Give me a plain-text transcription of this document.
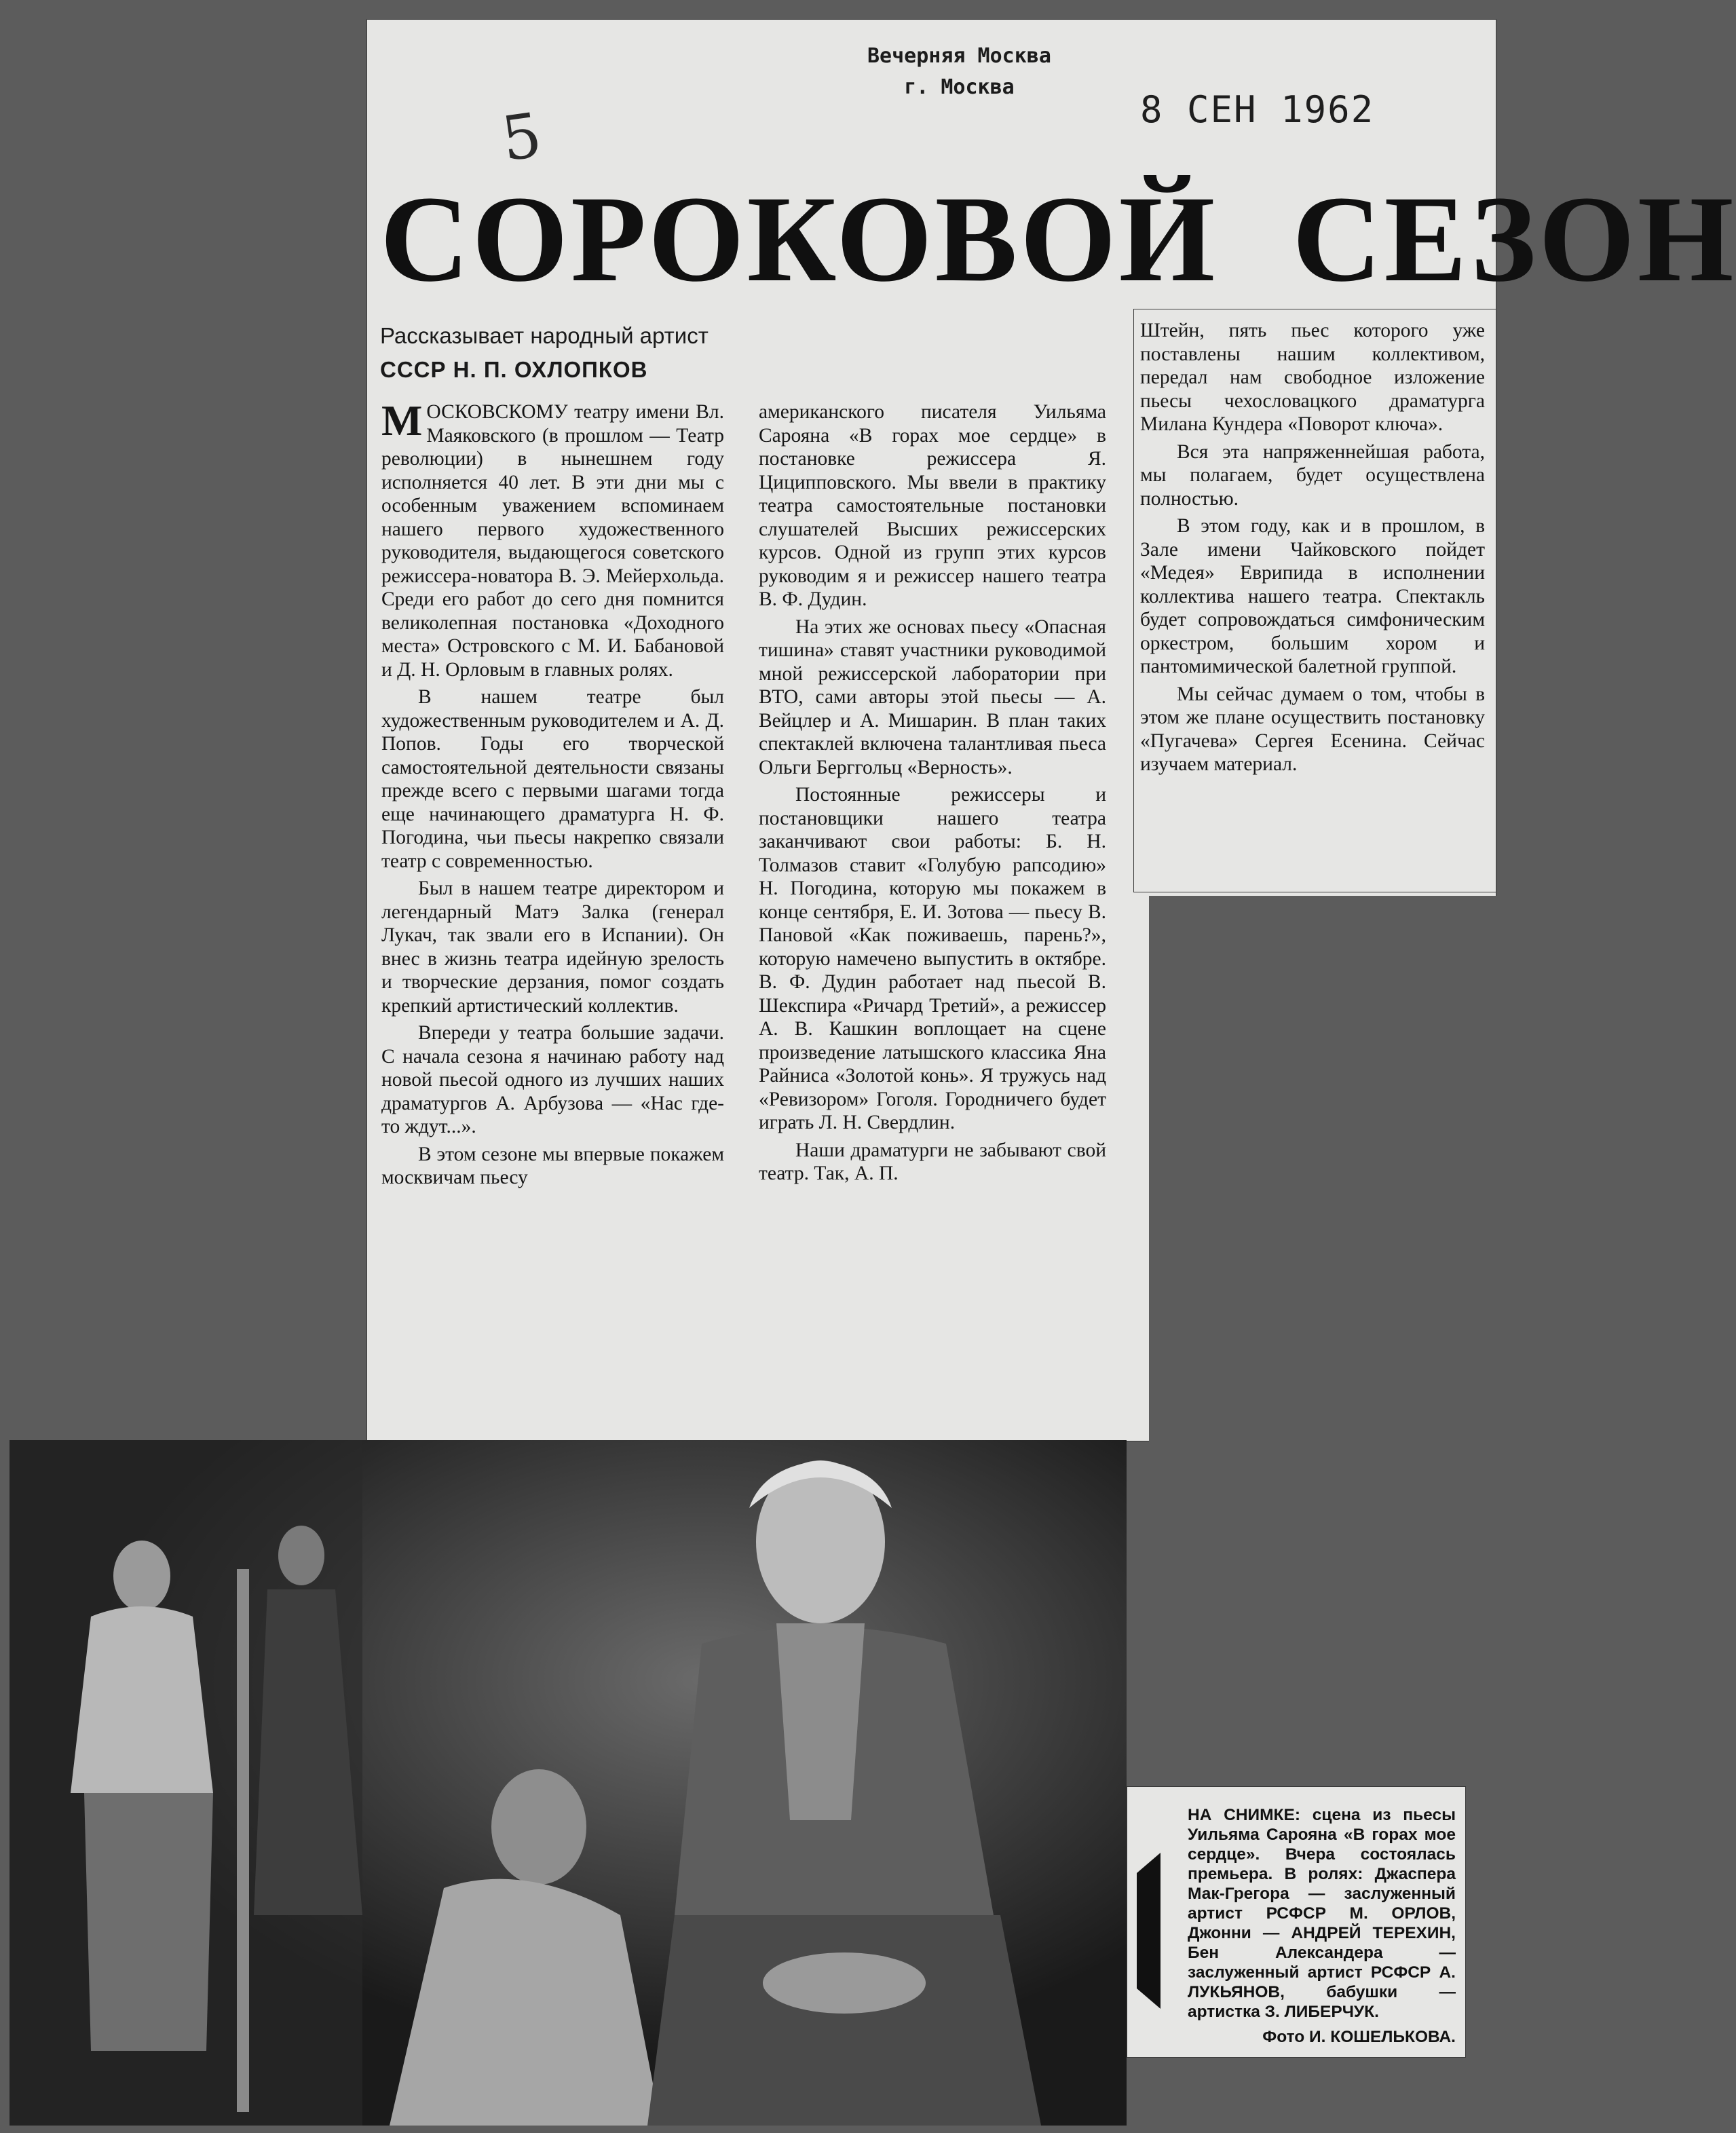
Вечерняя Москва
г. Москва
8 СЕН 1962
5
СОРОКОВОЙ СЕЗОН
Рассказывает народный артист
СССР Н. П. ОХЛОПКОВ

МОСКОВСКОМУ театру имени Вл. Маяковского (в прошлом — Театр революции) в нынешнем году исполняется 40 лет. В эти дни мы с особенным уважением вспоминаем нашего первого художественного руководителя, выдающегося советского режиссера-новатора В. Э. Мейерхольда. Среди его работ до сего дня помнится великолепная постановка «Доходного места» Островского с М. И. Бабановой и Д. Н. Орловым в главных ролях.

В нашем театре был художественным руководителем и А. Д. Попов. Годы его творческой самостоятельной деятельности связаны прежде всего с первыми шагами тогда еще начинающего драматурга Н. Ф. Погодина, чьи пьесы накрепко связали театр с современностью.

Был в нашем театре директором и легендарный Матэ Залка (генерал Лукач, так звали его в Испании). Он внес в жизнь театра идейную зрелость и творческие дерзания, помог создать крепкий артистический коллектив.

Впереди у театра большие задачи. С начала сезона я начинаю работу над новой пьесой одного из лучших наших драматургов А. Арбузова — «Нас где-то ждут...».

В этом сезоне мы впервые покажем москвичам пьесу

американского писателя Уильяма Сарояна «В горах мое сердце» в постановке режиссера Я. Циципповского. Мы ввели в практику театра самостоятельные постановки слушателей Высших режиссерских курсов. Одной из групп этих курсов руководим я и режиссер нашего театра В. Ф. Дудин.

На этих же основах пьесу «Опасная тишина» ставят участники руководимой мной режиссерской лаборатории при ВТО, сами авторы этой пьесы — А. Вейцлер и А. Мишарин. В план таких спектаклей включена талантливая пьеса Ольги Берггольц «Верность».

Постоянные режиссеры и постановщики нашего театра заканчивают свои работы: Б. Н. Толмазов ставит «Голубую рапсодию» Н. Погодина, которую мы покажем в конце сентября, Е. И. Зотова — пьесу В. Пановой «Как поживаешь, парень?», которую намечено выпустить в октябре. В. Ф. Дудин работает над пьесой В. Шекспира «Ричард Третий», а режиссер А. В. Кашкин воплощает на сцене произведение латышского классика Яна Райниса «Золотой конь». Я тружусь над «Ревизором» Гоголя. Городничего будет играть Л. Н. Свердлин.

Наши драматурги не забывают свой театр. Так, А. П.

Штейн, пять пьес которого уже поставлены нашим коллективом, передал нам свободное изложение пьесы чехословацкого драматурга Милана Кундера «Поворот ключа».

Вся эта напряженнейшая работа, мы полагаем, будет осуществлена полностью.

В этом году, как и в прошлом, в Зале имени Чайковского пойдет «Медея» Еврипида в исполнении коллектива нашего театра. Спектакль будет сопровождаться симфоническим оркестром, большим хором и пантомимической балетной группой.

Мы сейчас думаем о том, чтобы в этом же плане осуществить постановку «Пугачева» Сергея Есенина. Сейчас изучаем материал.

НА СНИМКЕ: сцена из пьесы Уильяма Сарояна «В горах мое сердце». Вчера состоялась премьера. В ролях: Джаспера Мак-Грегора — заслуженный артист РСФСР М. ОРЛОВ, Джонни — АНДРЕЙ ТЕРЕХИН, Бен Александера — заслуженный артист РСФСР А. ЛУКЬЯНОВ, бабушки — артистка З. ЛИБЕРЧУК.
Фото И. КОШЕЛЬКОВА.
